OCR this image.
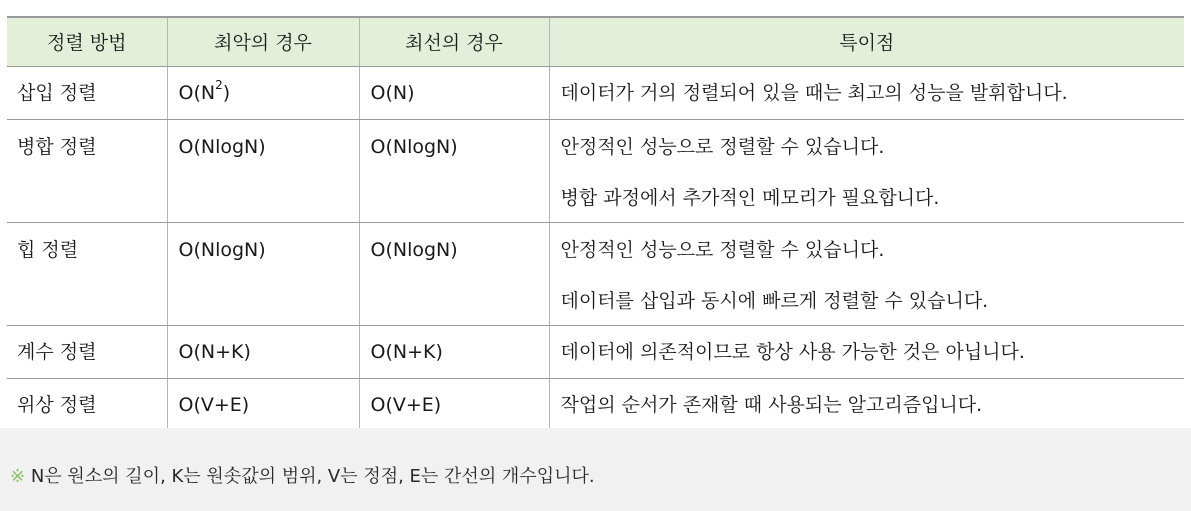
정렬 방법	최악의 경우	최선의 경우	특이점

삽입 정렬	$O(N^2)$	O(N)	데이터가 거의 정렬되어 있을 때는 최고의 성능을 발휘합니다.

병합 정렬	O(NlogN)	O(NlogN)	안정적인 성능으로 정렬할 수 있습니다.
병합 과정에서 추가적인 메모리가 필요합니다.

힙 정렬	O(NlogN)	O(NlogN)	안정적인 성능으로 정렬할 수 있습니다.
데이터를 삽입과 동시에 빠르게 정렬할 수 있습니다.

계수 정렬	O(N+K)	O(N+K)	데이터에 의존적이므로 항상 사용 가능한 것은 아닙니다.

위상 정렬	O(V+E)	O(V+E)	작업의 순서가 존재할 때 사용되는 알고리즘입니다.
※ N은 원소의 길이, K는 원솟값의 범위, V는 정점, E는 간선의 개수입니다.
